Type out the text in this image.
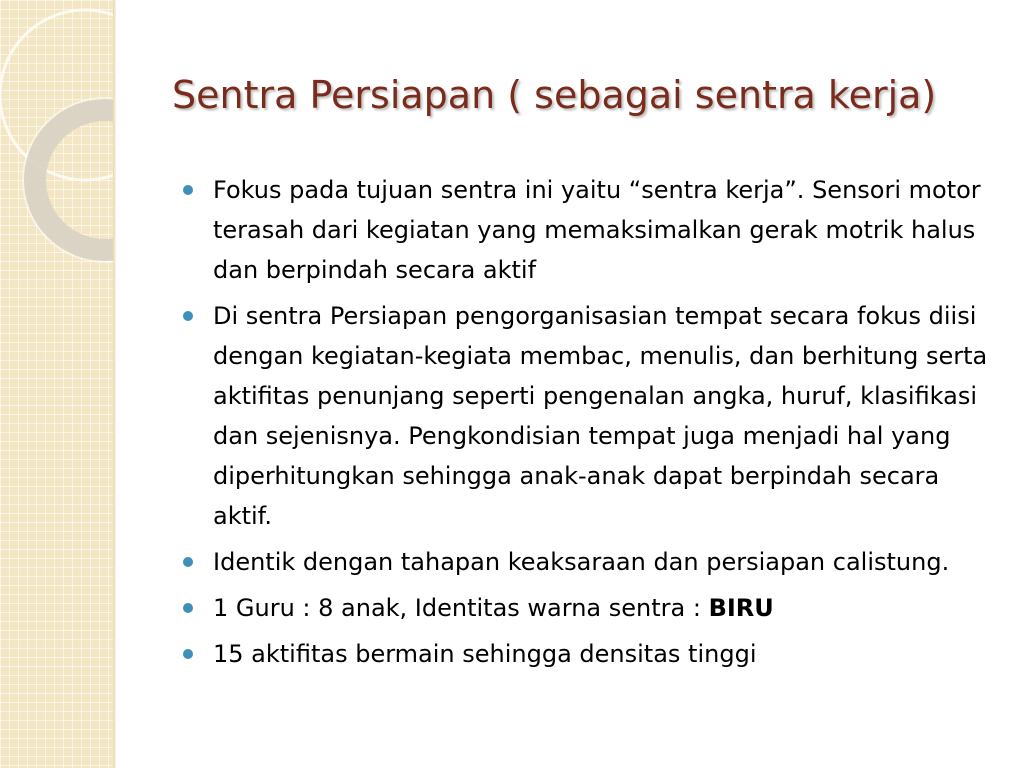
Sentra Persiapan ( sebagai sentra kerja)
Fokus pada tujuan sentra ini yaitu “sentra kerja”. Sensori motor terasah dari kegiatan yang memaksimalkan gerak motrik halus dan berpindah secara aktif
Di sentra Persiapan pengorganisasian tempat secara fokus diisi dengan kegiatan-kegiata membac, menulis, dan berhitung serta aktifitas penunjang seperti pengenalan angka, huruf, klasifikasi dan sejenisnya. Pengkondisian tempat juga menjadi hal yang diperhitungkan sehingga anak-anak dapat berpindah secara aktif.
Identik dengan tahapan keaksaraan dan persiapan calistung.
1 Guru : 8 anak, Identitas warna sentra : BIRU
15 aktifitas bermain sehingga densitas tinggi
